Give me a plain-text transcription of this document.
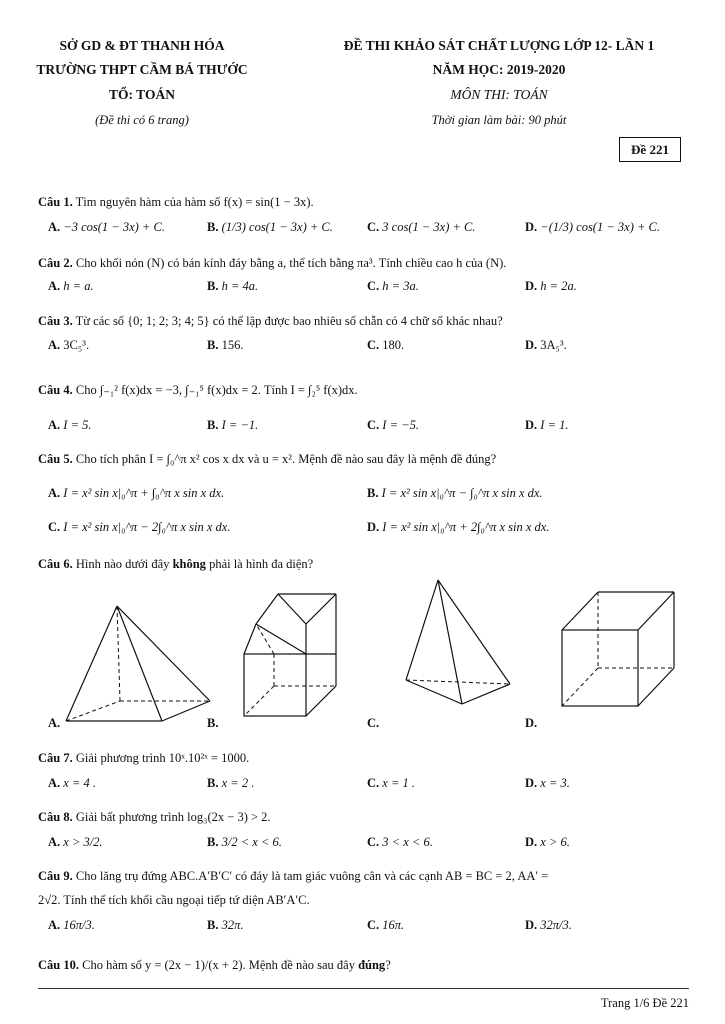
SỞ GD & ĐT THANH HÓA
TRƯỜNG THPT CẦM BÁ THƯỚC
TỔ: TOÁN
(Đề thi có 6 trang)
ĐỀ THI KHẢO SÁT CHẤT LƯỢNG LỚP 12- LẦN 1
NĂM HỌC: 2019-2020
MÔN THI: TOÁN
Thời gian làm bài: 90 phút
Đề 221
Câu 1. Tìm nguyên hàm của hàm số f(x) = sin(1 − 3x).
A. −3 cos(1 − 3x) + C.	B. (1/3) cos(1 − 3x) + C.	C. 3 cos(1 − 3x) + C.	D. −(1/3) cos(1 − 3x) + C.
Câu 2. Cho khối nón (N) có bán kính đáy bằng a, thể tích bằng πa³. Tính chiều cao h của (N).
A. h = a.	B. h = 4a.	C. h = 3a.	D. h = 2a.
Câu 3. Từ các số {0; 1; 2; 3; 4; 5} có thể lập được bao nhiêu số chẵn có 4 chữ số khác nhau?
A. 3C₅³.	B. 156.	C. 180.	D. 3A₅³.
Câu 4. Cho ∫₋₁² f(x)dx = −3, ∫₋₁⁵ f(x)dx = 2. Tính I = ∫₂⁵ f(x)dx.
A. I = 5.	B. I = −1.	C. I = −5.	D. I = 1.
Câu 5. Cho tích phân I = ∫₀^π x² cos x dx và u = x². Mệnh đề nào sau đây là mệnh đề đúng?
A. I = x² sin x|₀^π + ∫₀^π x sin x dx.	B. I = x² sin x|₀^π − ∫₀^π x sin x dx.
C. I = x² sin x|₀^π − 2∫₀^π x sin x dx.	D. I = x² sin x|₀^π + 2∫₀^π x sin x dx.
Câu 6. Hình nào dưới đây không phải là hình đa diện?
A.	B.	C.	D.
Câu 7. Giải phương trình 10ˣ.10²ˣ = 1000.
A. x = 4 .	B. x = 2 .	C. x = 1 .	D. x = 3.
Câu 8. Giải bất phương trình log₃(2x − 3) > 2.
A. x > 3/2.	B. 3/2 < x < 6.	C. 3 < x < 6.	D. x > 6.
Câu 9. Cho lăng trụ đứng ABC.A′B′C′ có đáy là tam giác vuông cân và các cạnh AB = BC = 2, AA′ =
2√2. Tính thể tích khối cầu ngoại tiếp tứ diện AB′A′C.
A. 16π/3.	B. 32π.	C. 16π.	D. 32π/3.
Câu 10. Cho hàm số y = (2x − 1)/(x + 2). Mệnh đề nào sau đây đúng?
Trang 1/6 Đề 221
